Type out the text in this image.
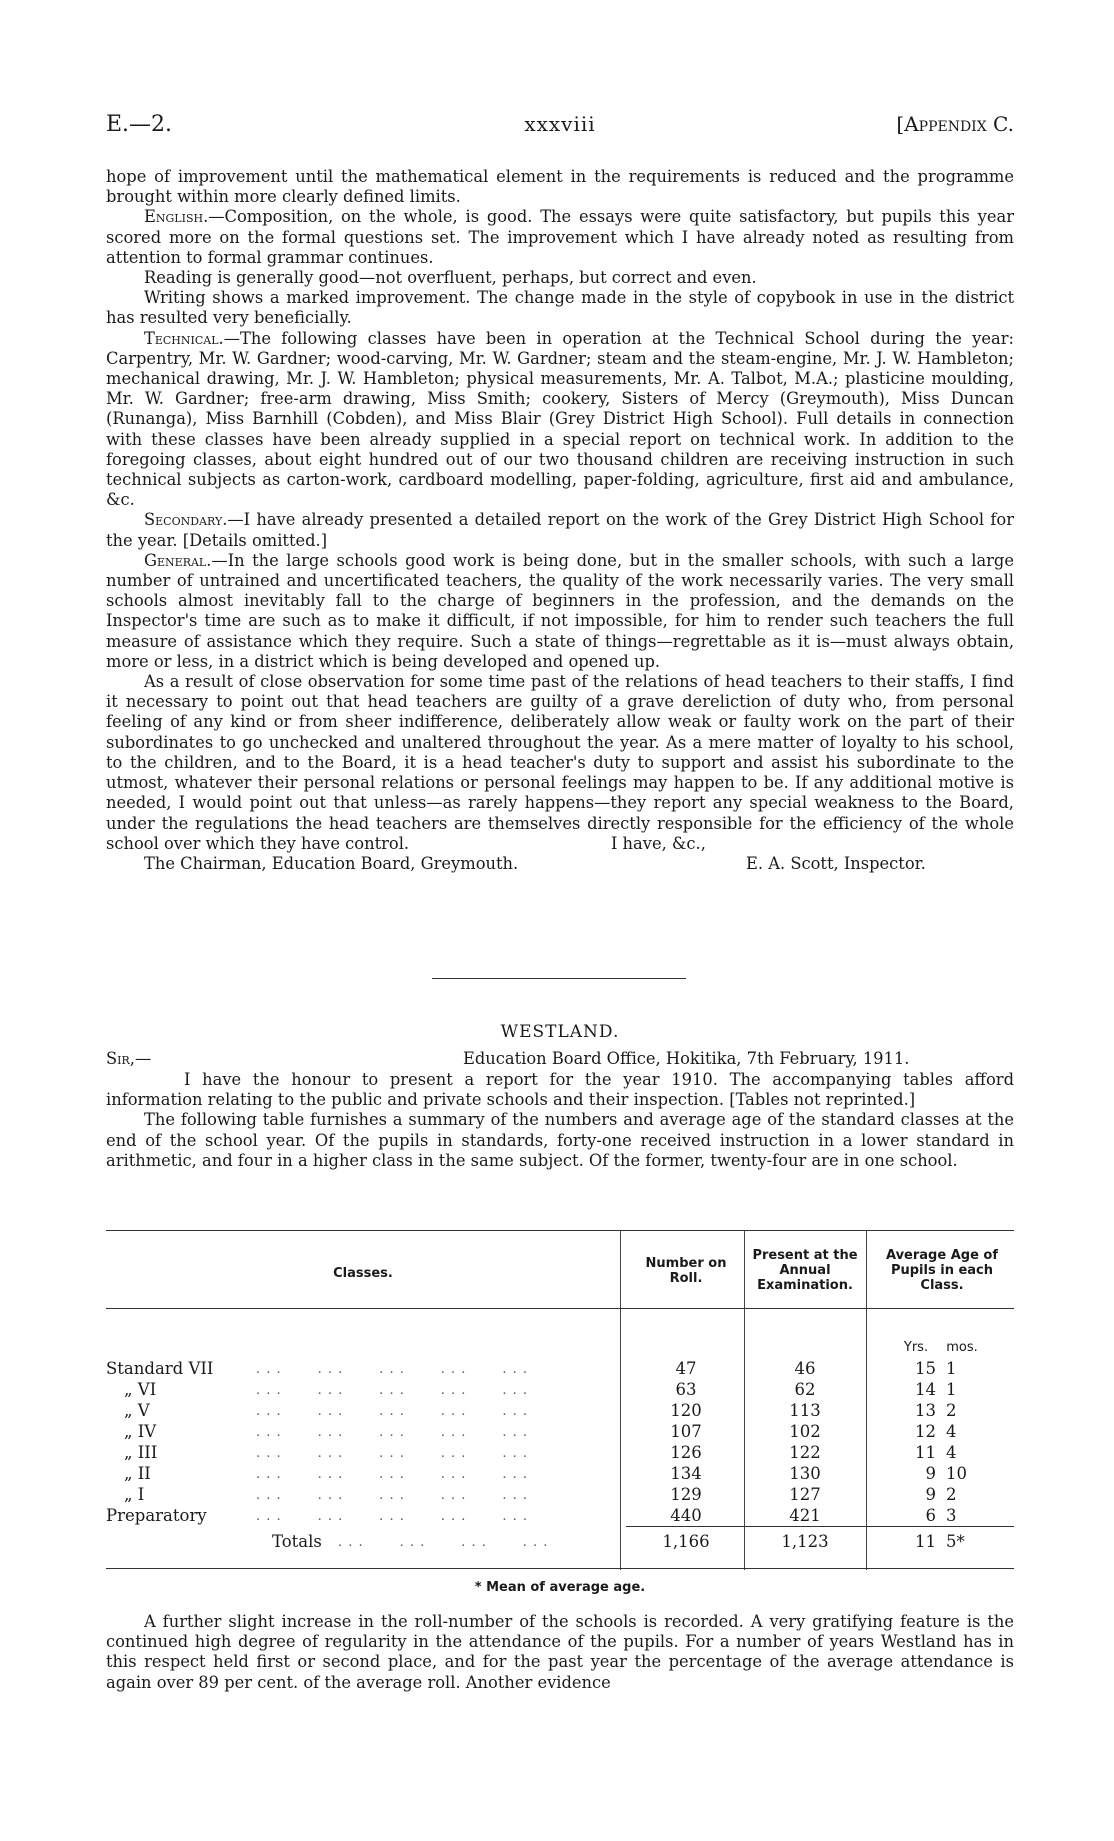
E.—2.	xxxviii	[Appendix C.

hope of improvement until the mathematical element in the requirements is reduced and the programme brought within more clearly defined limits.

English.—Composition, on the whole, is good. The essays were quite satisfactory, but pupils this year scored more on the formal questions set. The improvement which I have already noted as resulting from attention to formal grammar continues.

Reading is generally good—not overfluent, perhaps, but correct and even.

Writing shows a marked improvement. The change made in the style of copybook in use in the district has resulted very beneficially.

Technical.—The following classes have been in operation at the Technical School during the year: Carpentry, Mr. W. Gardner; wood-carving, Mr. W. Gardner; steam and the steam-engine, Mr. J. W. Hambleton; mechanical drawing, Mr. J. W. Hambleton; physical measurements, Mr. A. Talbot, M.A.; plasticine moulding, Mr. W. Gardner; free-arm drawing, Miss Smith; cookery, Sisters of Mercy (Greymouth), Miss Duncan (Runanga), Miss Barnhill (Cobden), and Miss Blair (Grey District High School). Full details in connection with these classes have been already supplied in a special report on technical work. In addition to the foregoing classes, about eight hundred out of our two thousand children are receiving instruction in such technical subjects as carton-work, cardboard modelling, paper-folding, agriculture, first aid and ambulance, &c.

Secondary.—I have already presented a detailed report on the work of the Grey District High School for the year. [Details omitted.]

General.—In the large schools good work is being done, but in the smaller schools, with such a large number of untrained and uncertificated teachers, the quality of the work necessarily varies. The very small schools almost inevitably fall to the charge of beginners in the profession, and the demands on the Inspector's time are such as to make it difficult, if not impossible, for him to render such teachers the full measure of assistance which they require. Such a state of things—regrettable as it is—must always obtain, more or less, in a district which is being developed and opened up.

As a result of close observation for some time past of the relations of head teachers to their staffs, I find it necessary to point out that head teachers are guilty of a grave dereliction of duty who, from personal feeling of any kind or from sheer indifference, deliberately allow weak or faulty work on the part of their subordinates to go unchecked and unaltered throughout the year. As a mere matter of loyalty to his school, to the children, and to the Board, it is a head teacher's duty to support and assist his subordinate to the utmost, whatever their personal relations or personal feelings may happen to be. If any additional motive is needed, I would point out that unless—as rarely happens—they report any special weakness to the Board, under the regulations the head teachers are themselves directly responsible for the efficiency of the whole school over which they have control.	I have, &c.,

The Chairman, Education Board, Greymouth.	E. A. Scott, Inspector.
WESTLAND.
Sir,—	Education Board Office, Hokitika, 7th February, 1911.

I have the honour to present a report for the year 1910. The accompanying tables afford information relating to the public and private schools and their inspection. [Tables not reprinted.]

The following table furnishes a summary of the numbers and average age of the standard classes at the end of the school year. Of the pupils in standards, forty-one received instruction in a lower standard in arithmetic, and four in a higher class in the same subject. Of the former, twenty-four are in one school.

Classes.
Number on Roll.
Present at the Annual Examination.
Average Age of Pupils in each Class.
Yrs.	mos.
Standard VII	. . .       . . .       . . .       . . .       . . .	47	46	15 1
„ VI	. . .       . . .       . . .       . . .       . . .	63	62	14 1
„ V	. . .       . . .       . . .       . . .       . . .	120	113	13 2
„ IV	. . .       . . .       . . .       . . .       . . .	107	102	12 4
„ III	. . .       . . .       . . .       . . .       . . .	126	122	11 4
„ II	. . .       . . .       . . .       . . .       . . .	134	130	9 10
„ I	. . .       . . .       . . .       . . .       . . .	129	127	9 2
Preparatory	. . .       . . .       . . .       . . .       . . .	440	421	6 3
Totals . . .       . . .       . . .       . . .	1,166	1,123	11 5*
* Mean of average age.

A further slight increase in the roll-number of the schools is recorded. A very gratifying feature is the continued high degree of regularity in the attendance of the pupils. For a number of years Westland has in this respect held first or second place, and for the past year the percentage of the average attendance is again over 89 per cent. of the average roll. Another evidence
